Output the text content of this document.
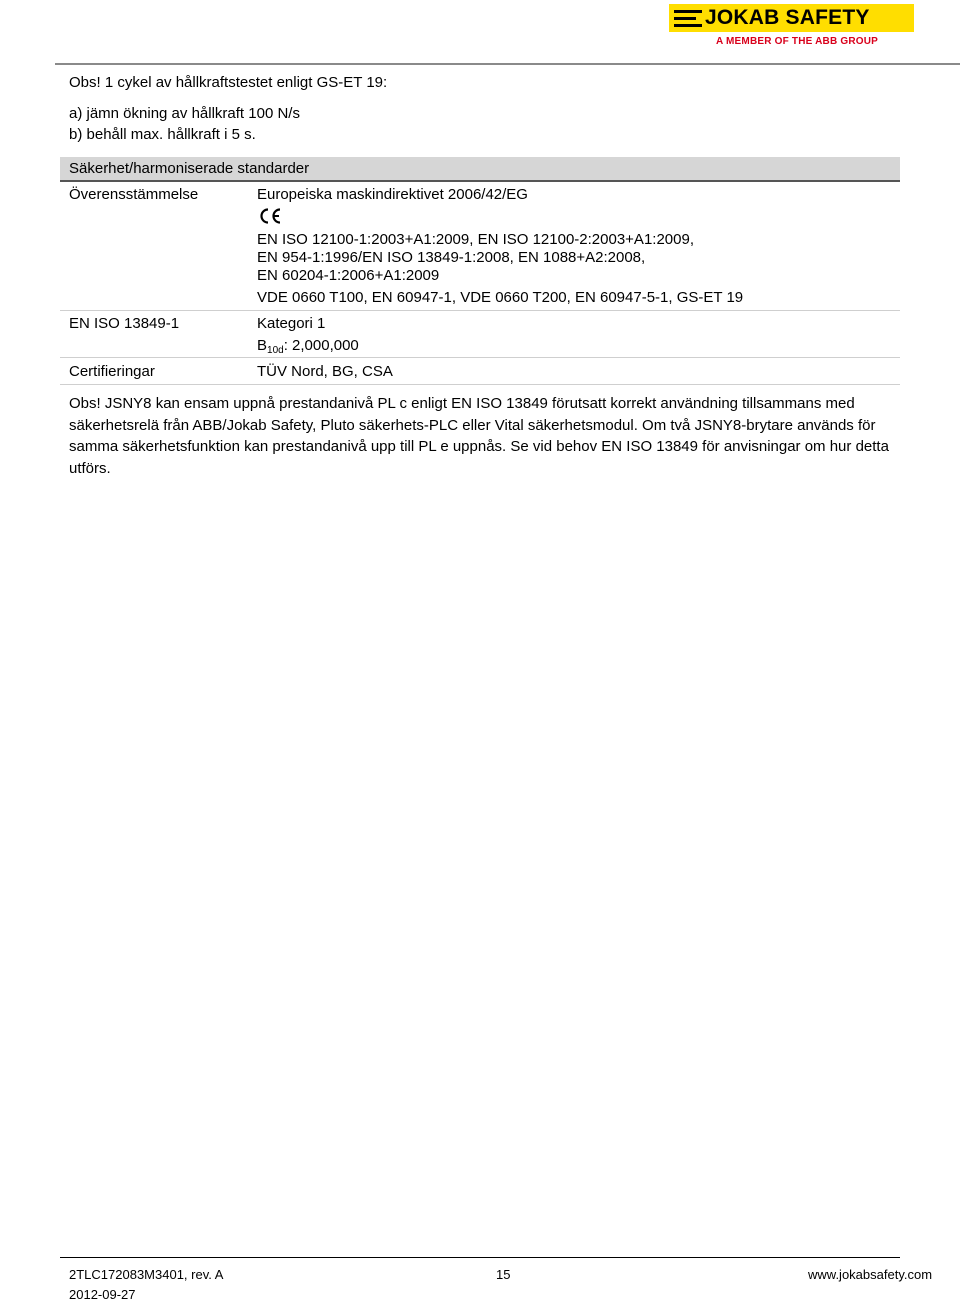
JOKAB SAFETY
A MEMBER OF THE ABB GROUP
Obs! 1 cykel av hållkraftstestet enligt GS-ET 19:
a) jämn ökning av hållkraft 100 N/s
b) behåll max. hållkraft i 5 s.
Säkerhet/harmoniserade standarder
Överensstämmelse	Europeiska maskindirektivet 2006/42/EG
EN ISO 12100-1:2003+A1:2009, EN ISO 12100-2:2003+A1:2009,
EN 954-1:1996/EN ISO 13849-1:2008, EN 1088+A2:2008,
EN 60204-1:2006+A1:2009
VDE 0660 T100, EN 60947-1, VDE 0660 T200, EN 60947-5-1, GS-ET 19
EN ISO 13849-1	Kategori 1
$B_{10d}$: 2,000,000
Certifieringar	TÜV Nord, BG, CSA
Obs! JSNY8 kan ensam uppnå prestandanivå PL c enligt EN ISO 13849 förutsatt korrekt användning tillsammans med säkerhetsrelä från ABB/Jokab Safety, Pluto säkerhets-PLC eller Vital säkerhetsmodul. Om två JSNY8-brytare används för samma säkerhetsfunktion kan prestandanivå upp till PL e uppnås. Se vid behov EN ISO 13849 för anvisningar om hur detta utförs.
2TLC172083M3401, rev. A
2012-09-27
15	www.jokabsafety.com
